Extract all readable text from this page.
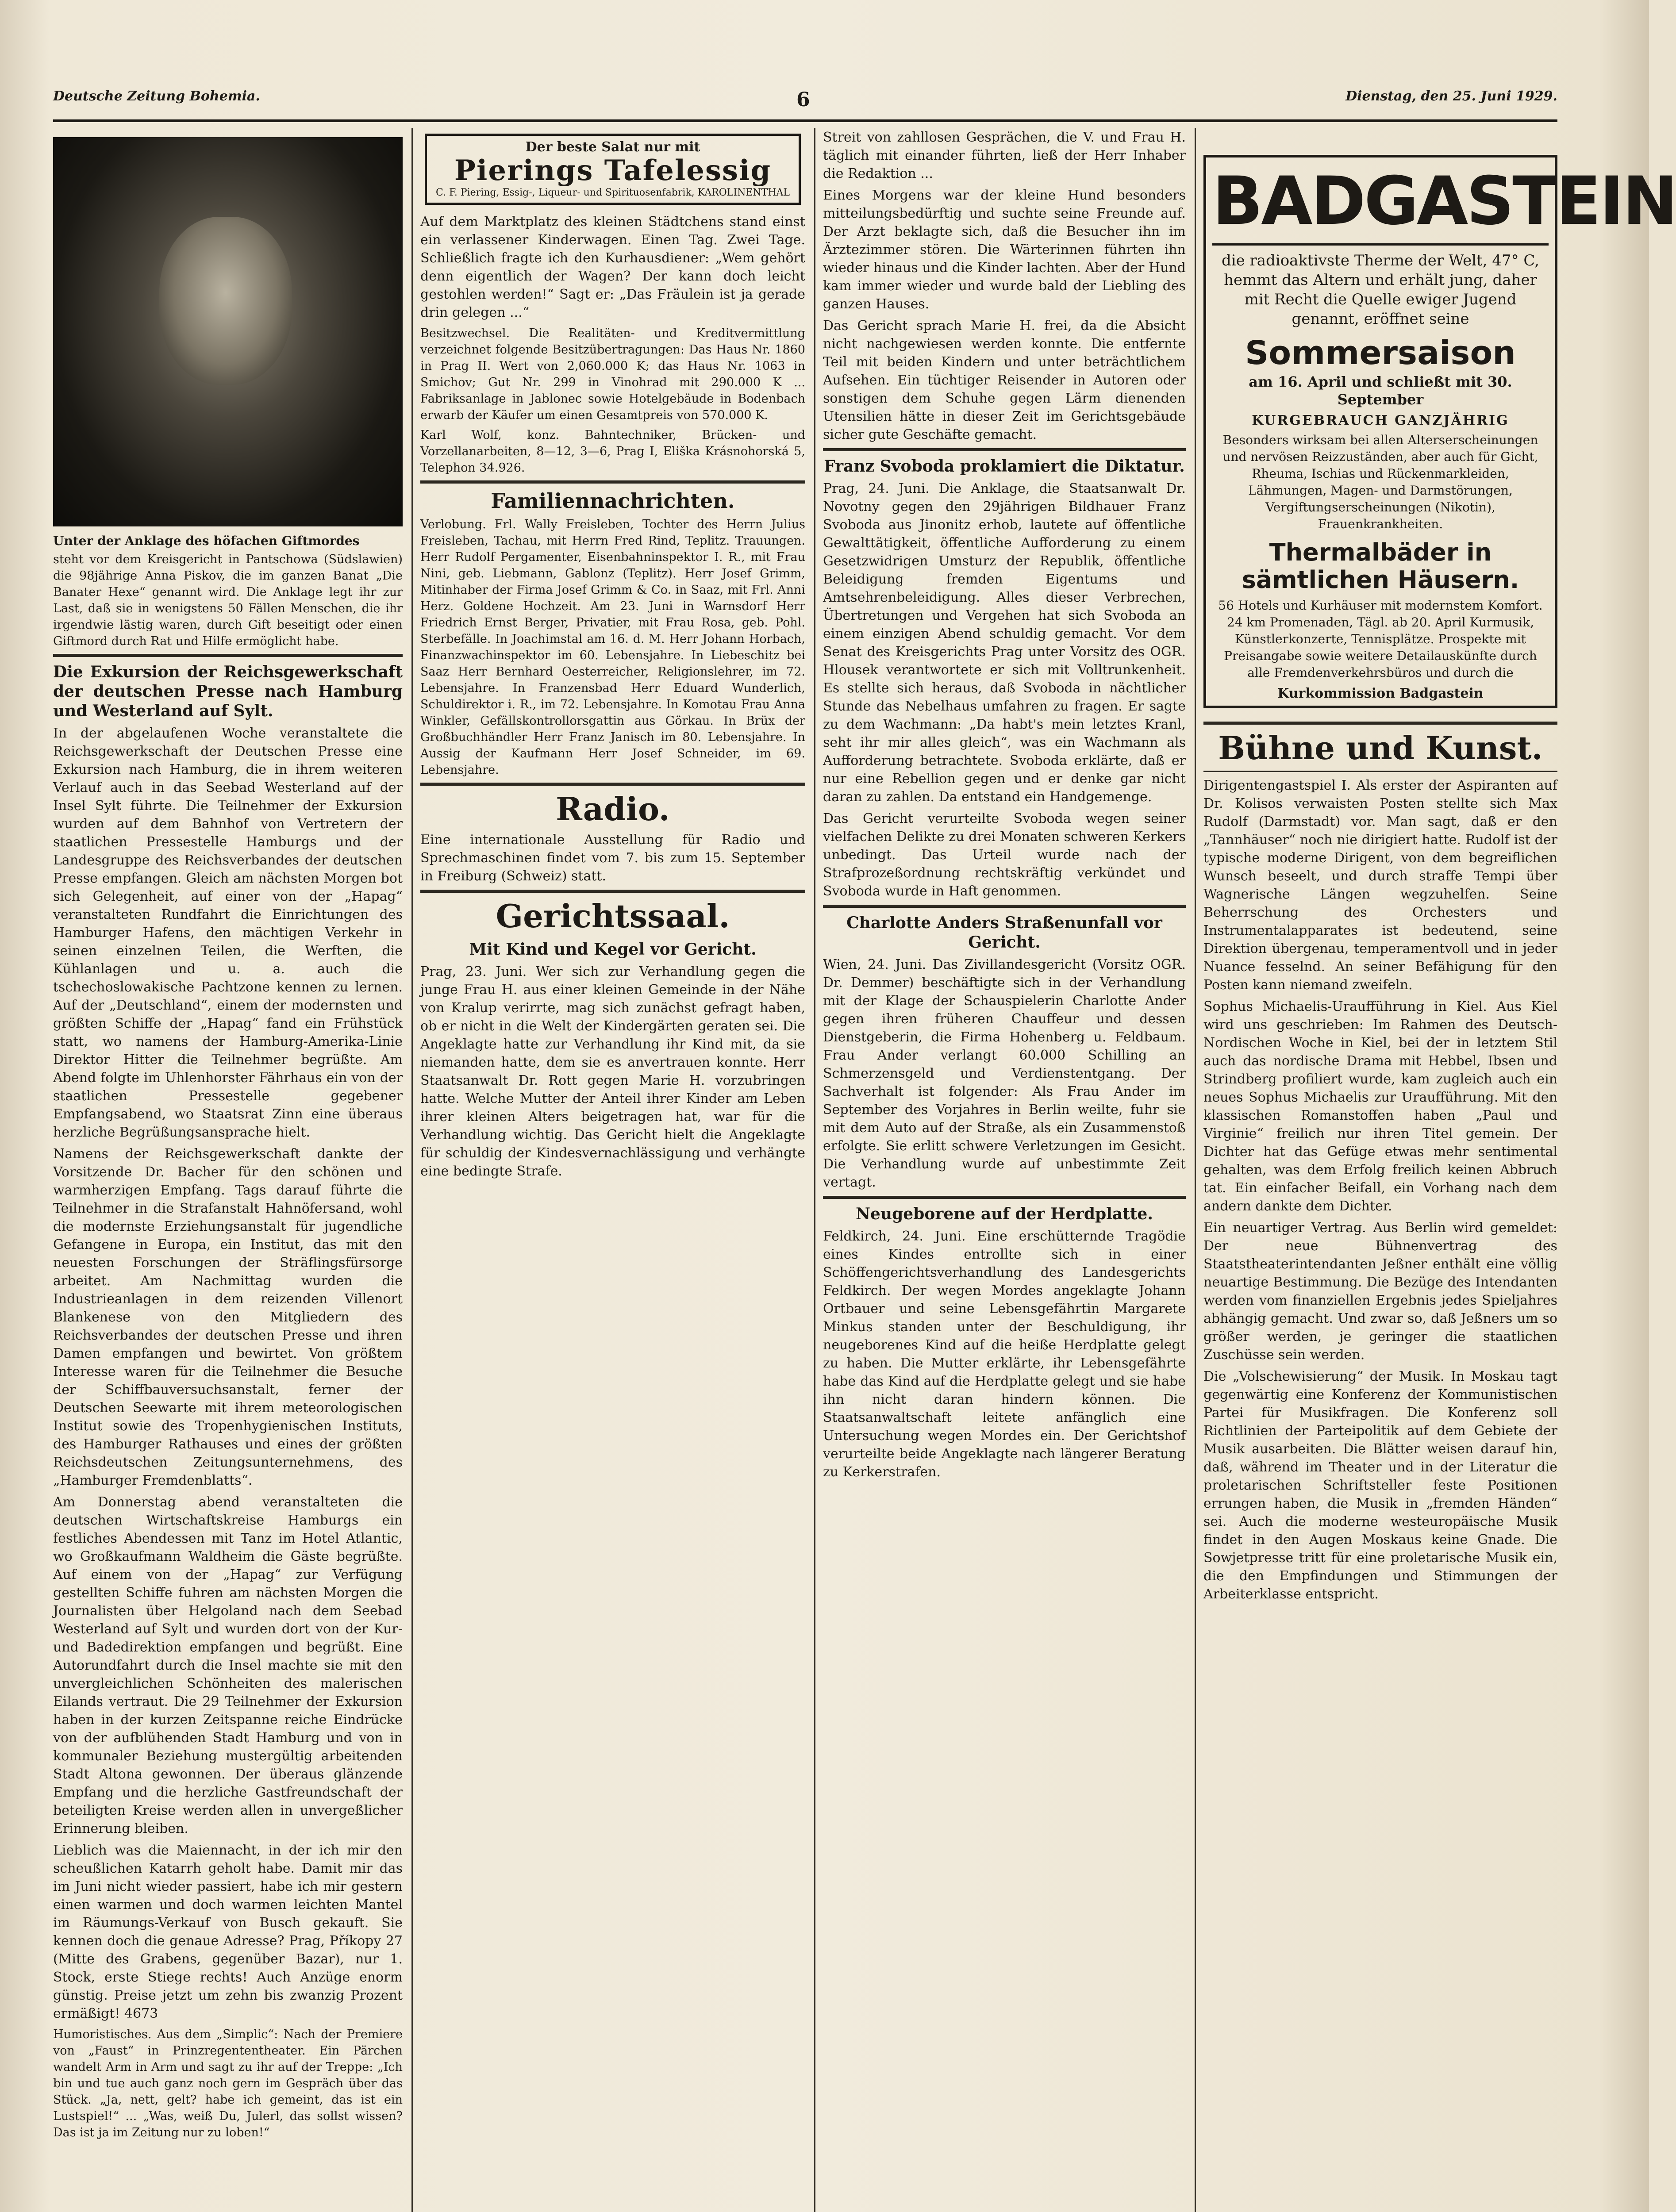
Deutsche Zeitung Bohemia.	6	Dienstag, den 25. Juni 1929.
Unter der Anklage des höfachen Giftmordes

steht vor dem Kreisgericht in Pantschowa (Südslawien) die 98jährige Anna Piskov, die im ganzen Banat „Die Banater Hexe“ genannt wird. Die Anklage legt ihr zur Last, daß sie in wenigstens 50 Fällen Menschen, die ihr irgendwie lästig waren, durch Gift beseitigt oder einen Giftmord durch Rat und Hilfe ermöglicht habe.

Die Exkursion der Reichsgewerkschaft der deutschen Presse nach Hamburg und Westerland auf Sylt.

In der abgelaufenen Woche veranstaltete die Reichsgewerkschaft der Deutschen Presse eine Exkursion nach Hamburg, die in ihrem weiteren Verlauf auch in das Seebad Westerland auf der Insel Sylt führte. Die Teilnehmer der Exkursion wurden auf dem Bahnhof von Vertretern der staatlichen Pressestelle Hamburgs und der Landesgruppe des Reichsverbandes der deutschen Presse empfangen. Gleich am nächsten Morgen bot sich Gelegenheit, auf einer von der „Hapag“ veranstalteten Rundfahrt die Einrichtungen des Hamburger Hafens, den mächtigen Verkehr in seinen einzelnen Teilen, die Werften, die Kühlanlagen und u. a. auch die tschechoslowakische Pachtzone kennen zu lernen. Auf der „Deutschland“, einem der modernsten und größten Schiffe der „Hapag“ fand ein Frühstück statt, wo namens der Hamburg-Amerika-Linie Direktor Hitter die Teilnehmer begrüßte. Am Abend folgte im Uhlenhorster Fährhaus ein von der staatlichen Pressestelle gegebener Empfangsabend, wo Staatsrat Zinn eine überaus herzliche Begrüßungsansprache hielt.

Namens der Reichsgewerkschaft dankte der Vorsitzende Dr. Bacher für den schönen und warmherzigen Empfang. Tags darauf führte die Teilnehmer in die Strafanstalt Hahnöfersand, wohl die modernste Erziehungsanstalt für jugendliche Gefangene in Europa, ein Institut, das mit den neuesten Forschungen der Sträflingsfürsorge arbeitet. Am Nachmittag wurden die Industrieanlagen in dem reizenden Villenort Blankenese von den Mitgliedern des Reichsverbandes der deutschen Presse und ihren Damen empfangen und bewirtet. Von größtem Interesse waren für die Teilnehmer die Besuche der Schiffbauversuchsanstalt, ferner der Deutschen Seewarte mit ihrem meteorologischen Institut sowie des Tropenhygienischen Instituts, des Hamburger Rathauses und eines der größten Reichsdeutschen Zeitungsunternehmens, des „Hamburger Fremdenblatts“.

Am Donnerstag abend veranstalteten die deutschen Wirtschaftskreise Hamburgs ein festliches Abendessen mit Tanz im Hotel Atlantic, wo Großkaufmann Waldheim die Gäste begrüßte. Auf einem von der „Hapag“ zur Verfügung gestellten Schiffe fuhren am nächsten Morgen die Journalisten über Helgoland nach dem Seebad Westerland auf Sylt und wurden dort von der Kur- und Badedirektion empfangen und begrüßt. Eine Autorundfahrt durch die Insel machte sie mit den unvergleichlichen Schönheiten des malerischen Eilands vertraut. Die 29 Teilnehmer der Exkursion haben in der kurzen Zeitspanne reiche Eindrücke von der aufblühenden Stadt Hamburg und von in kommunaler Beziehung mustergültig arbeitenden Stadt Altona gewonnen. Der überaus glänzende Empfang und die herzliche Gastfreundschaft der beteiligten Kreise werden allen in unvergeßlicher Erinnerung bleiben.

Lieblich was die Maiennacht, in der ich mir den scheußlichen Katarrh geholt habe. Damit mir das im Juni nicht wieder passiert, habe ich mir gestern einen warmen und doch warmen leichten Mantel im Räumungs-Verkauf von Busch gekauft. Sie kennen doch die genaue Adresse? Prag, Příkopy 27 (Mitte des Grabens, gegenüber Bazar), nur 1. Stock, erste Stiege rechts! Auch Anzüge enorm günstig. Preise jetzt um zehn bis zwanzig Prozent ermäßigt! 4673

Humoristisches. Aus dem „Simplic“: Nach der Premiere von „Faust“ in Prinzregententheater. Ein Pärchen wandelt Arm in Arm und sagt zu ihr auf der Treppe: „Ich bin und tue auch ganz noch gern im Gespräch über das Stück. „Ja, nett, gelt? habe ich gemeint, das ist ein Lustspiel!“ ... „Was, weiß Du, Julerl, das sollst wissen? Das ist ja im Zeitung nur zu loben!“

Der beste Salat nur mit
Pierings Tafelessig
C. F. Piering, Essig-, Liqueur- und Spirituosenfabrik, KAROLINENTHAL

Auf dem Marktplatz des kleinen Städtchens stand einst ein verlassener Kinderwagen. Einen Tag. Zwei Tage. Schließlich fragte ich den Kurhausdiener: „Wem gehört denn eigentlich der Wagen? Der kann doch leicht gestohlen werden!“ Sagt er: „Das Fräulein ist ja gerade drin gelegen ...“

Besitzwechsel. Die Realitäten- und Kreditvermittlung verzeichnet folgende Besitzübertragungen: Das Haus Nr. 1860 in Prag II. Wert von 2,060.000 K; das Haus Nr. 1063 in Smichov; Gut Nr. 299 in Vinohrad mit 290.000 K ... Fabriksanlage in Jablonec sowie Hotelgebäude in Bodenbach erwarb der Käufer um einen Gesamtpreis von 570.000 K.

Karl Wolf, konz. Bahntechniker, Brücken- und Vorzellanarbeiten, 8—12, 3—6, Prag I, Eliška Krásnohorská 5, Telephon 34.926.

Familiennachrichten.

Verlobung. Frl. Wally Freisleben, Tochter des Herrn Julius Freisleben, Tachau, mit Herrn Fred Rind, Teplitz. Trauungen. Herr Rudolf Pergamenter, Eisenbahninspektor I. R., mit Frau Nini, geb. Liebmann, Gablonz (Teplitz). Herr Josef Grimm, Mitinhaber der Firma Josef Grimm & Co. in Saaz, mit Frl. Anni Herz. Goldene Hochzeit. Am 23. Juni in Warnsdorf Herr Friedrich Ernst Berger, Privatier, mit Frau Rosa, geb. Pohl. Sterbefälle. In Joachimstal am 16. d. M. Herr Johann Horbach, Finanzwachinspektor im 60. Lebensjahre. In Liebeschitz bei Saaz Herr Bernhard Oesterreicher, Religionslehrer, im 72. Lebensjahre. In Franzensbad Herr Eduard Wunderlich, Schuldirektor i. R., im 72. Lebensjahre. In Komotau Frau Anna Winkler, Gefällskontrollorsgattin aus Görkau. In Brüx der Großbuchhändler Herr Franz Janisch im 80. Lebensjahre. In Aussig der Kaufmann Herr Josef Schneider, im 69. Lebensjahre.

Radio.

Eine internationale Ausstellung für Radio und Sprechmaschinen findet vom 7. bis zum 15. September in Freiburg (Schweiz) statt.

Gerichtssaal.
Mit Kind und Kegel vor Gericht.

Prag, 23. Juni. Wer sich zur Verhandlung gegen die junge Frau H. aus einer kleinen Gemeinde in der Nähe von Kralup verirrte, mag sich zunächst gefragt haben, ob er nicht in die Welt der Kindergärten geraten sei. Die Angeklagte hatte zur Verhandlung ihr Kind mit, da sie niemanden hatte, dem sie es anvertrauen konnte. Herr Staatsanwalt Dr. Rott gegen Marie H. vorzubringen hatte. Welche Mutter der Anteil ihrer Kinder am Leben ihrer kleinen Alters beigetragen hat, war für die Verhandlung wichtig. Das Gericht hielt die Angeklagte für schuldig der Kindesvernachlässigung und verhängte eine bedingte Strafe.

Streit von zahllosen Gesprächen, die V. und Frau H. täglich mit einander führten, ließ der Herr Inhaber die Redaktion ...

Eines Morgens war der kleine Hund besonders mitteilungsbedürftig und suchte seine Freunde auf. Der Arzt beklagte sich, daß die Besucher ihn im Ärztezimmer stören. Die Wärterinnen führten ihn wieder hinaus und die Kinder lachten. Aber der Hund kam immer wieder und wurde bald der Liebling des ganzen Hauses.

Das Gericht sprach Marie H. frei, da die Absicht nicht nachgewiesen werden konnte. Die entfernte Teil mit beiden Kindern und unter beträchtlichem Aufsehen. Ein tüchtiger Reisender in Autoren oder sonstigen dem Schuhe gegen Lärm dienenden Utensilien hätte in dieser Zeit im Gerichtsgebäude sicher gute Geschäfte gemacht.

Franz Svoboda proklamiert die Diktatur.

Prag, 24. Juni. Die Anklage, die Staatsanwalt Dr. Novotny gegen den 29jährigen Bildhauer Franz Svoboda aus Jinonitz erhob, lautete auf öffentliche Gewalttätigkeit, öffentliche Aufforderung zu einem Gesetzwidrigen Umsturz der Republik, öffentliche Beleidigung fremden Eigentums und Amtsehrenbeleidigung. Alles dieser Verbrechen, Übertretungen und Vergehen hat sich Svoboda an einem einzigen Abend schuldig gemacht. Vor dem Senat des Kreisgerichts Prag unter Vorsitz des OGR. Hlousek verantwortete er sich mit Volltrunkenheit. Es stellte sich heraus, daß Svoboda in nächtlicher Stunde das Nebelhaus umfahren zu fragen. Er sagte zu dem Wachmann: „Da habt's mein letztes Kranl, seht ihr mir alles gleich“, was ein Wachmann als Aufforderung betrachtete. Svoboda erklärte, daß er nur eine Rebellion gegen und er denke gar nicht daran zu zahlen. Da entstand ein Handgemenge.

Das Gericht verurteilte Svoboda wegen seiner vielfachen Delikte zu drei Monaten schweren Kerkers unbedingt. Das Urteil wurde nach der Strafprozeßordnung rechtskräftig verkündet und Svoboda wurde in Haft genommen.

Charlotte Anders Straßenunfall vor Gericht.

Wien, 24. Juni. Das Zivillandesgericht (Vorsitz OGR. Dr. Demmer) beschäftigte sich in der Verhandlung mit der Klage der Schauspielerin Charlotte Ander gegen ihren früheren Chauffeur und dessen Dienstgeberin, die Firma Hohenberg u. Feldbaum. Frau Ander verlangt 60.000 Schilling an Schmerzensgeld und Verdienstentgang. Der Sachverhalt ist folgender: Als Frau Ander im September des Vorjahres in Berlin weilte, fuhr sie mit dem Auto auf der Straße, als ein Zusammenstoß erfolgte. Sie erlitt schwere Verletzungen im Gesicht. Die Verhandlung wurde auf unbestimmte Zeit vertagt.

Neugeborene auf der Herdplatte.

Feldkirch, 24. Juni. Eine erschütternde Tragödie eines Kindes entrollte sich in einer Schöffengerichtsverhandlung des Landesgerichts Feldkirch. Der wegen Mordes angeklagte Johann Ortbauer und seine Lebensgefährtin Margarete Minkus standen unter der Beschuldigung, ihr neugeborenes Kind auf die heiße Herdplatte gelegt zu haben. Die Mutter erklärte, ihr Lebensgefährte habe das Kind auf die Herdplatte gelegt und sie habe ihn nicht daran hindern können. Die Staatsanwaltschaft leitete anfänglich eine Untersuchung wegen Mordes ein. Der Gerichtshof verurteilte beide Angeklagte nach längerer Beratung zu Kerkerstrafen.

BADGASTEIN
die radioaktivste Therme der Welt, 47° C, hemmt das Altern und erhält jung, daher mit Recht die Quelle ewiger Jugend genannt, eröffnet seine
Sommersaison
am 16. April und schließt mit 30. September
KURGEBRAUCH GANZJÄHRIG
Besonders wirksam bei allen Alterserscheinungen und nervösen Reizzuständen, aber auch für Gicht, Rheuma, Ischias und Rückenmarkleiden, Lähmungen, Magen- und Darmstörungen, Vergiftungserscheinungen (Nikotin), Frauenkrankheiten.
Thermalbäder in sämtlichen Häusern.
56 Hotels und Kurhäuser mit modernstem Komfort. 24 km Promenaden, Tägl. ab 20. April Kurmusik, Künstlerkonzerte, Tennisplätze. Prospekte mit Preisangabe sowie weitere Detailauskünfte durch alle Fremdenverkehrsbüros und durch die
Kurkommission Badgastein
Bühne und Kunst.

Dirigentengastspiel I. Als erster der Aspiranten auf Dr. Kolisos verwaisten Posten stellte sich Max Rudolf (Darmstadt) vor. Man sagt, daß er den „Tannhäuser“ noch nie dirigiert hatte. Rudolf ist der typische moderne Dirigent, von dem begreiflichen Wunsch beseelt, und durch straffe Tempi über Wagnerische Längen wegzuhelfen. Seine Beherrschung des Orchesters und Instrumentalapparates ist bedeutend, seine Direktion übergenau, temperamentvoll und in jeder Nuance fesselnd. An seiner Befähigung für den Posten kann niemand zweifeln.

Sophus Michaelis-Uraufführung in Kiel. Aus Kiel wird uns geschrieben: Im Rahmen des Deutsch-Nordischen Woche in Kiel, bei der in letztem Stil auch das nordische Drama mit Hebbel, Ibsen und Strindberg profiliert wurde, kam zugleich auch ein neues Sophus Michaelis zur Uraufführung. Mit den klassischen Romanstoffen haben „Paul und Virginie“ freilich nur ihren Titel gemein. Der Dichter hat das Gefüge etwas mehr sentimental gehalten, was dem Erfolg freilich keinen Abbruch tat. Ein einfacher Beifall, ein Vorhang nach dem andern dankte dem Dichter.

Ein neuartiger Vertrag. Aus Berlin wird gemeldet: Der neue Bühnenvertrag des Staatstheaterintendanten Jeßner enthält eine völlig neuartige Bestimmung. Die Bezüge des Intendanten werden vom finanziellen Ergebnis jedes Spieljahres abhängig gemacht. Und zwar so, daß Jeßners um so größer werden, je geringer die staatlichen Zuschüsse sein werden.

Die „Volschewisierung“ der Musik. In Moskau tagt gegenwärtig eine Konferenz der Kommunistischen Partei für Musikfragen. Die Konferenz soll Richtlinien der Parteipolitik auf dem Gebiete der Musik ausarbeiten. Die Blätter weisen darauf hin, daß, während im Theater und in der Literatur die proletarischen Schriftsteller feste Positionen errungen haben, die Musik in „fremden Händen“ sei. Auch die moderne westeuropäische Musik findet in den Augen Moskaus keine Gnade. Die Sowjetpresse tritt für eine proletarische Musik ein, die den Empfindungen und Stimmungen der Arbeiterklasse entspricht.
